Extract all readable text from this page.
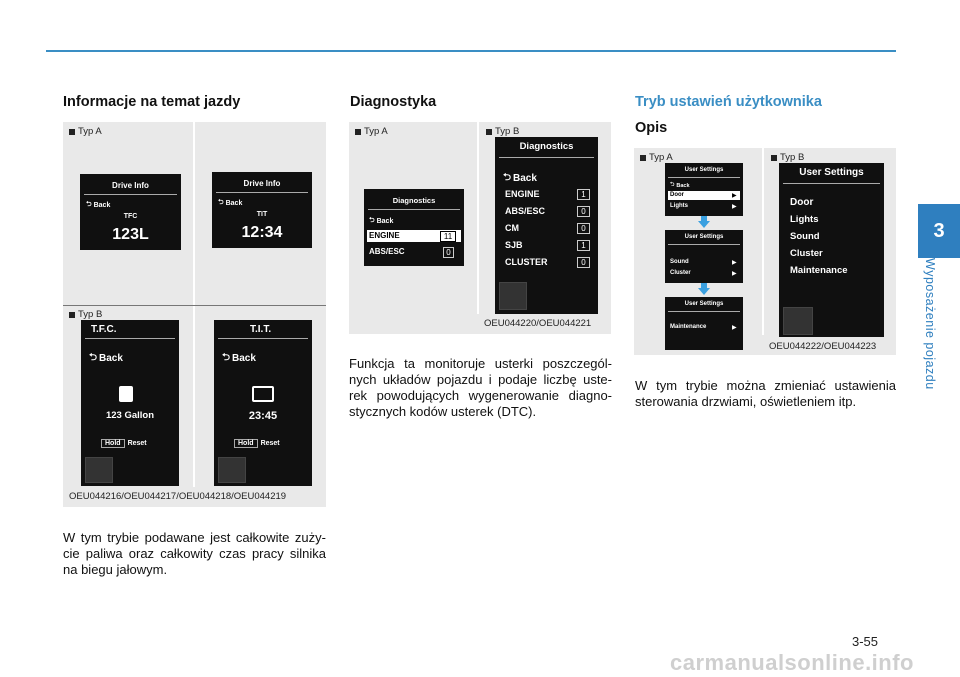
3
Wyposażenie pojazdu
Informacje na temat jazdy
Typ A
Typ B
Drive Info
⮌ Back
TFC
123L
Drive Info
⮌ Back
TIT
12:34
T.F.C.
⮌ Back
123 Gallon
Hold	Reset
T.I.T.
⮌ Back
23:45
Hold	Reset
OEU044216/OEU044217/OEU044218/OEU044219
W tym trybie podawane jest całkowite zuży- cie paliwa oraz całkowity czas pracy silnika na biegu jałowym.
Diagnostyka
Typ A	Typ B
Diagnostics
⮌ Back
ENGINE	11
ABS/ESC	0
Diagnostics
⮌ Back
ENGINE	1
ABS/ESC	0
CM	0
SJB	1
CLUSTER	0
OEU044220/OEU044221
Funkcja ta monitoruje usterki poszczegól- nych układów pojazdu i podaje liczbę uste- rek powodujących wygenerowanie diagno- stycznych kodów usterek (DTC).
Tryb ustawień użytkownika
Opis
Typ A	Typ B
User Settings
⮌ Back
Door	▶
Lights	▶
User Settings
Sound	▶
Cluster	▶
User Settings
Maintenance	▶
User Settings
Door
Lights
Sound
Cluster
Maintenance
OEU044222/OEU044223
W tym trybie można zmieniać ustawienia sterowania drzwiami, oświetleniem itp.
3-55
carmanualsonline.info
